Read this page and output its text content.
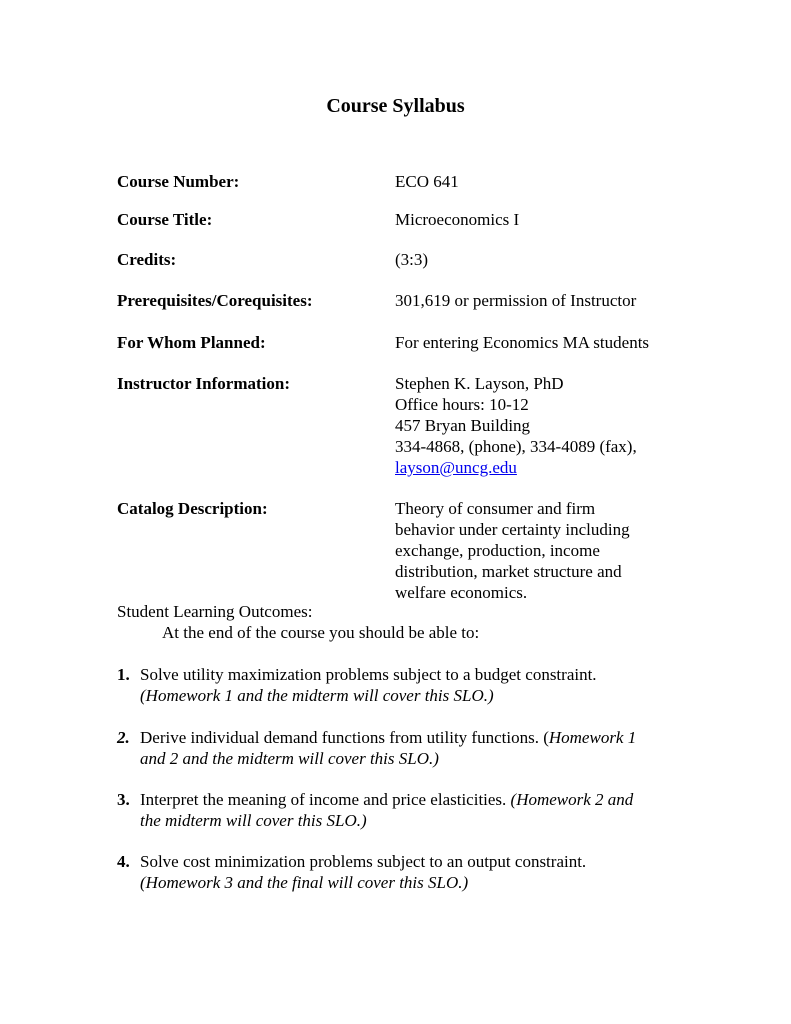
Course Syllabus
Course Number:	ECO 641
Course Title:	Microeconomics I
Credits:	(3:3)
Prerequisites/Corequisites:	301,619 or permission of Instructor
For Whom Planned:	For entering Economics MA students
Instructor Information:	Stephen K. Layson, PhD
Office hours: 10-12
457 Bryan Building
334-4868, (phone), 334-4089 (fax),
layson@uncg.edu
Catalog Description:	Theory of consumer and firm
behavior under certainty including
exchange, production, income
distribution, market structure and
welfare economics.
Student Learning Outcomes:
At the end of the course you should be able to:
1. Solve utility maximization problems subject to a budget constraint.
(Homework 1 and the midterm will cover this SLO.)
2. Derive individual demand functions from utility functions. (Homework 1
and 2 and the midterm will cover this SLO.)
3. Interpret the meaning of income and price elasticities. (Homework 2 and
the midterm will cover this SLO.)
4. Solve cost minimization problems subject to an output constraint.
(Homework 3 and the final will cover this SLO.)
